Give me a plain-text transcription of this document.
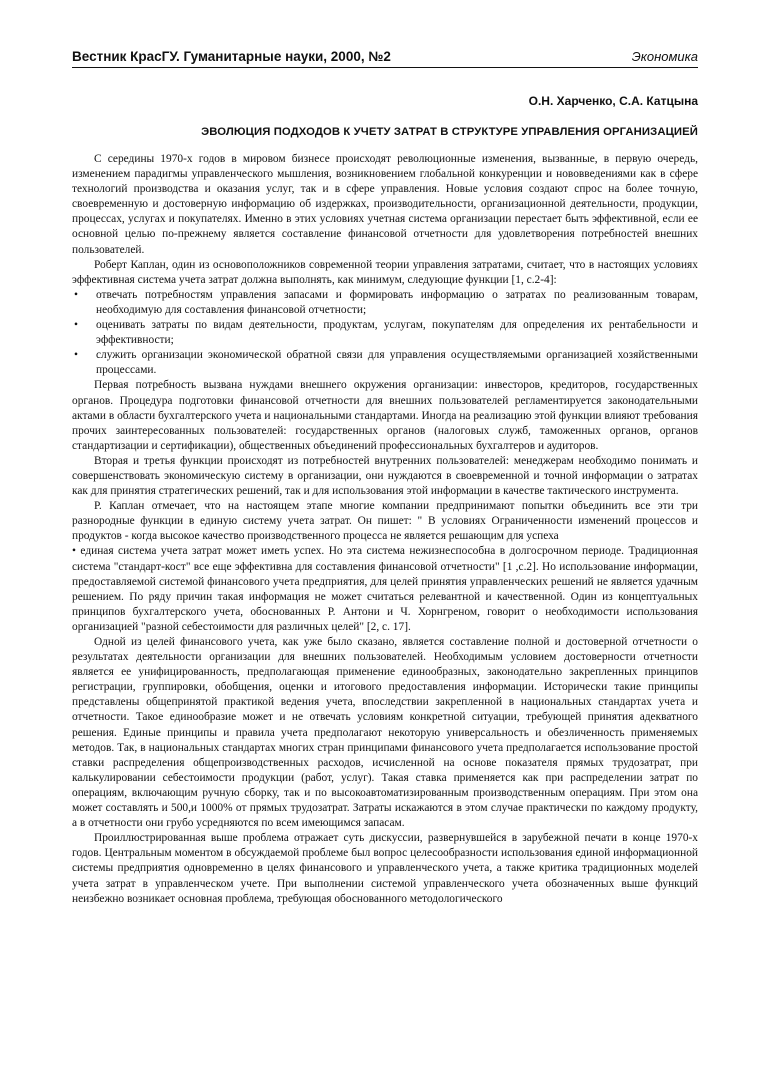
Вестник КрасГУ. Гуманитарные науки, 2000, №2	Экономика
О.Н. Харченко, С.А. Катцына
ЭВОЛЮЦИЯ ПОДХОДОВ К УЧЕТУ ЗАТРАТ В СТРУКТУРЕ УПРАВЛЕНИЯ ОРГАНИЗАЦИЕЙ

С середины 1970-х годов в мировом бизнесе происходят революционные изменения, вызванные, в первую очередь, изменением парадигмы управленческого мышления, возникновением глобальной конкуренции и нововведениями как в сфере технологий производства и оказания услуг, так и в сфере управления. Новые условия создают спрос на более точную, своевременную и достоверную информацию об издержках, производительности, организационной деятельности, продукции, процессах, услугах и покупателях. Именно в этих условиях учетная система организации перестает быть эффективной, если ее основной целью по-прежнему является составление финансовой отчетности для удовлетворения потребностей внешних пользователей.

Роберт Каплан, один из основоположников современной теории управления затратами, считает, что в настоящих условиях эффективная система учета затрат должна выполнять, как минимум, следующие функции [1, с.2-4]:

• отвечать потребностям управления запасами и формировать информацию о затратах по реализованным товарам, необходимую для составления финансовой отчетности;
• оценивать затраты по видам деятельности, продуктам, услугам, покупателям для определения их рентабельности и эффективности;
• служить организации экономической обратной связи для управления осуществляемыми организацией хозяйственными процессами.

Первая потребность вызвана нуждами внешнего окружения организации: инвесторов, кредиторов, государственных органов. Процедура подготовки финансовой отчетности для внешних пользователей регламентируется законодательными актами в области бухгалтерского учета и национальными стандартами. Иногда на реализацию этой функции влияют требования прочих заинтересованных пользователей: государственных органов (налоговых служб, таможенных органов, органов стандартизации и сертификации), общественных объединений профессиональных бухгалтеров и аудиторов.

Вторая и третья функции происходят из потребностей внутренних пользователей: менеджерам необходимо понимать и совершенствовать экономическую систему в организации, они нуждаются в своевременной и точной информации о затратах как для принятия стратегических решений, так и для использования этой информации в качестве тактического инструмента.

Р. Каплан отмечает, что на настоящем этапе многие компании предпринимают попытки объединить все эти три разнородные функции в единую систему учета затрат. Он пишет: " В условиях Ограниченности изменений процессов и продуктов - когда высокое качество производственного процесса не является решающим для успеха

• единая система учета затрат может иметь успех. Но эта система нежизнеспособна в долгосрочном периоде. Традиционная система "стандарт-кост" все еще эффективна для составления финансовой отчетности" [1 ,с.2]. Но использование информации, предоставляемой системой финансового учета предприятия, для целей принятия управленческих решений не является удачным решением. По ряду причин такая информация не может считаться релевантной и качественной. Один из концептуальных принципов бухгалтерского учета, обоснованных Р. Антони и Ч. Хорнгреном, говорит о необходимости использования организацией "разной себестоимости для различных целей" [2, с. 17].

Одной из целей финансового учета, как уже было сказано, является составление полной и достоверной отчетности о результатах деятельности организации для внешних пользователей. Необходимым условием достоверности отчетности является ее унифицированность, предполагающая применение единообразных, законодательно закрепленных принципов регистрации, группировки, обобщения, оценки и итогового предоставления информации. Исторически такие принципы представлены общепринятой практикой ведения учета, впоследствии закрепленной в национальных стандартах учета и отчетности. Такое единообразие может и не отвечать условиям конкретной ситуации, требующей принятия адекватного решения. Единые принципы и правила учета предполагают некоторую универсальность и обезличенность применяемых методов. Так, в национальных стандартах многих стран принципами финансового учета предполагается использование простой ставки распределения общепроизводственных расходов, исчисленной на основе показателя прямых трудозатрат, при калькулировании себестоимости продукции (работ, услуг). Такая ставка применяется как при распределении затрат по операциям, включающим ручную сборку, так и по высокоавтоматизированным производственным операциям. При этом она может составлять и 500,и 1000% от прямых трудозатрат. Затраты искажаются в этом случае практически по каждому продукту, а в отчетности они грубо усредняются по всем имеющимся запасам.

Проиллюстрированная выше проблема отражает суть дискуссии, развернувшейся в зарубежной печати в конце 1970-х годов. Центральным моментом в обсуждаемой проблеме был вопрос целесообразности использования единой информационной системы предприятия одновременно в целях финансового и управленческого учета, а также критика традиционных моделей учета затрат в управленческом учете. При выполнении системой управленческого учета обозначенных выше функций неизбежно возникает основная проблема, требующая обоснованного методологического
